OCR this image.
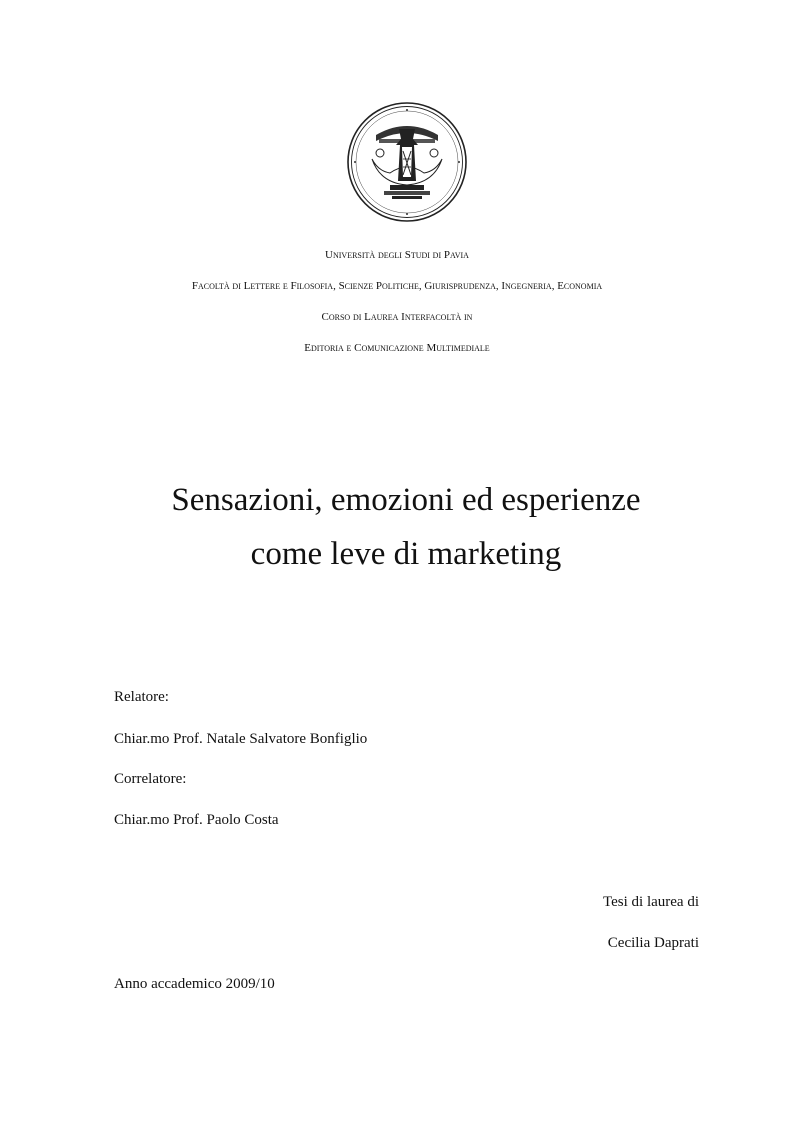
Università degli Studi di Pavia
Facoltà di Lettere e Filosofia, Scienze Politiche, Giurisprudenza, Ingegneria, Economia
Corso di Laurea Interfacoltà in
Editoria e Comunicazione Multimediale
Sensazioni, emozioni ed esperienze
come leve di marketing
Relatore:
Chiar.mo Prof. Natale Salvatore Bonfiglio
Correlatore:
Chiar.mo Prof. Paolo Costa
Tesi di laurea di
Cecilia Daprati
Anno accademico 2009/10
